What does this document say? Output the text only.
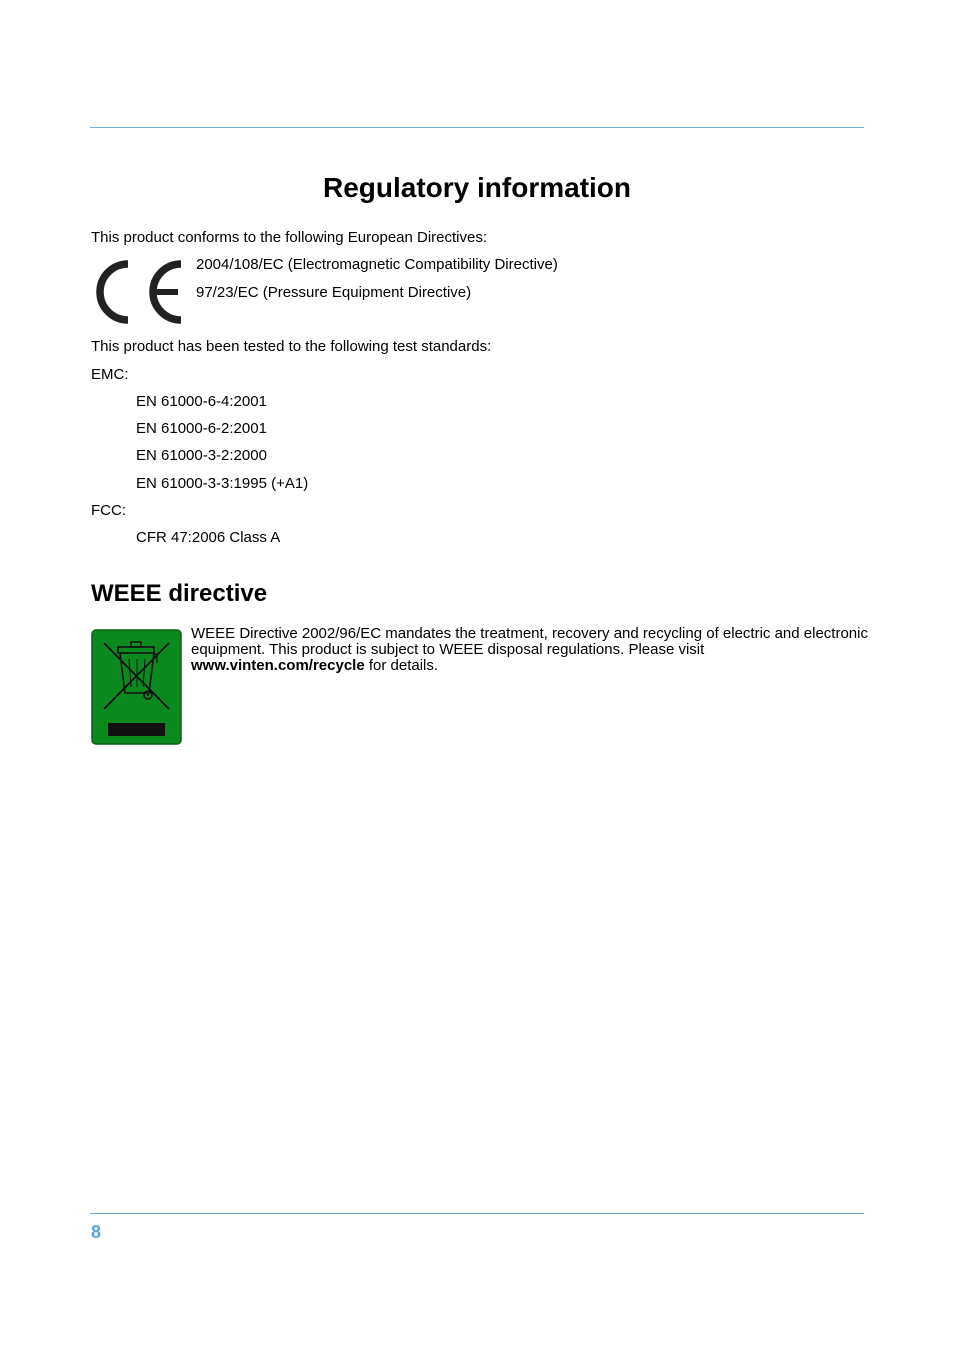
Regulatory information
This product conforms to the following European Directives:
2004/108/EC (Electromagnetic Compatibility Directive)
97/23/EC (Pressure Equipment Directive)
This product has been tested to the following test standards:
EMC:
EN 61000-6-4:2001
EN 61000-6-2:2001
EN 61000-3-2:2000
EN 61000-3-3:1995 (+A1)
FCC:
CFR 47:2006 Class A
WEEE directive
WEEE Directive 2002/96/EC mandates the treatment, recovery and recycling of electric and electronic equipment. This product is subject to WEEE disposal regulations. Please visit www.vinten.com/recycle for details.
8
